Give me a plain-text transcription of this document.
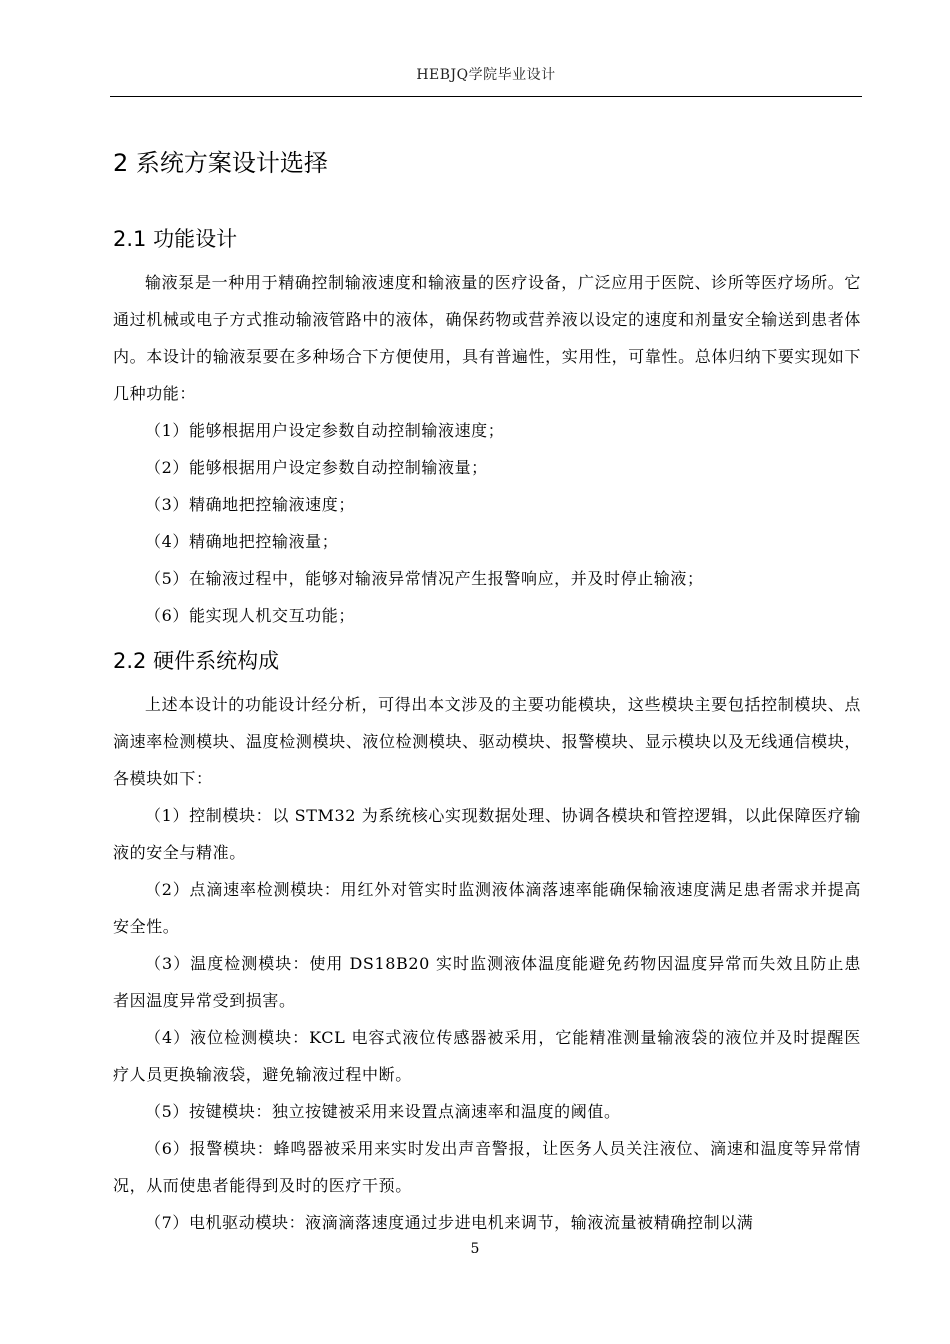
HEBJQ学院毕业设计
2 系统方案设计选择
2.1 功能设计

输液泵是一种用于精确控制输液速度和输液量的医疗设备，广泛应用于医院、诊所等医疗场所。它通过机械或电子方式推动输液管路中的液体，确保药物或营养液以设定的速度和剂量安全输送到患者体内。本设计的输液泵要在多种场合下方便使用，具有普遍性，实用性，可靠性。总体归纳下要实现如下几种功能：

（1）能够根据用户设定参数自动控制输液速度；

（2）能够根据用户设定参数自动控制输液量；

（3）精确地把控输液速度；

（4）精确地把控输液量；

（5）在输液过程中，能够对输液异常情况产生报警响应，并及时停止输液；

（6）能实现人机交互功能；

2.2 硬件系统构成

上述本设计的功能设计经分析，可得出本文涉及的主要功能模块，这些模块主要包括控制模块、点滴速率检测模块、温度检测模块、液位检测模块、驱动模块、报警模块、显示模块以及无线通信模块，各模块如下：

（1）控制模块：以 STM32 为系统核心实现数据处理、协调各模块和管控逻辑，以此保障医疗输液的安全与精准。

（2）点滴速率检测模块：用红外对管实时监测液体滴落速率能确保输液速度满足患者需求并提高安全性。

（3）温度检测模块：使用 DS18B20 实时监测液体温度能避免药物因温度异常而失效且防止患者因温度异常受到损害。

（4）液位检测模块：KCL 电容式液位传感器被采用，它能精准测量输液袋的液位并及时提醒医疗人员更换输液袋，避免输液过程中断。

（5）按键模块：独立按键被采用来设置点滴速率和温度的阈值。

（6）报警模块：蜂鸣器被采用来实时发出声音警报，让医务人员关注液位、滴速和温度等异常情况，从而使患者能得到及时的医疗干预。

（7）电机驱动模块：液滴滴落速度通过步进电机来调节，输液流量被精确控制以满

5
